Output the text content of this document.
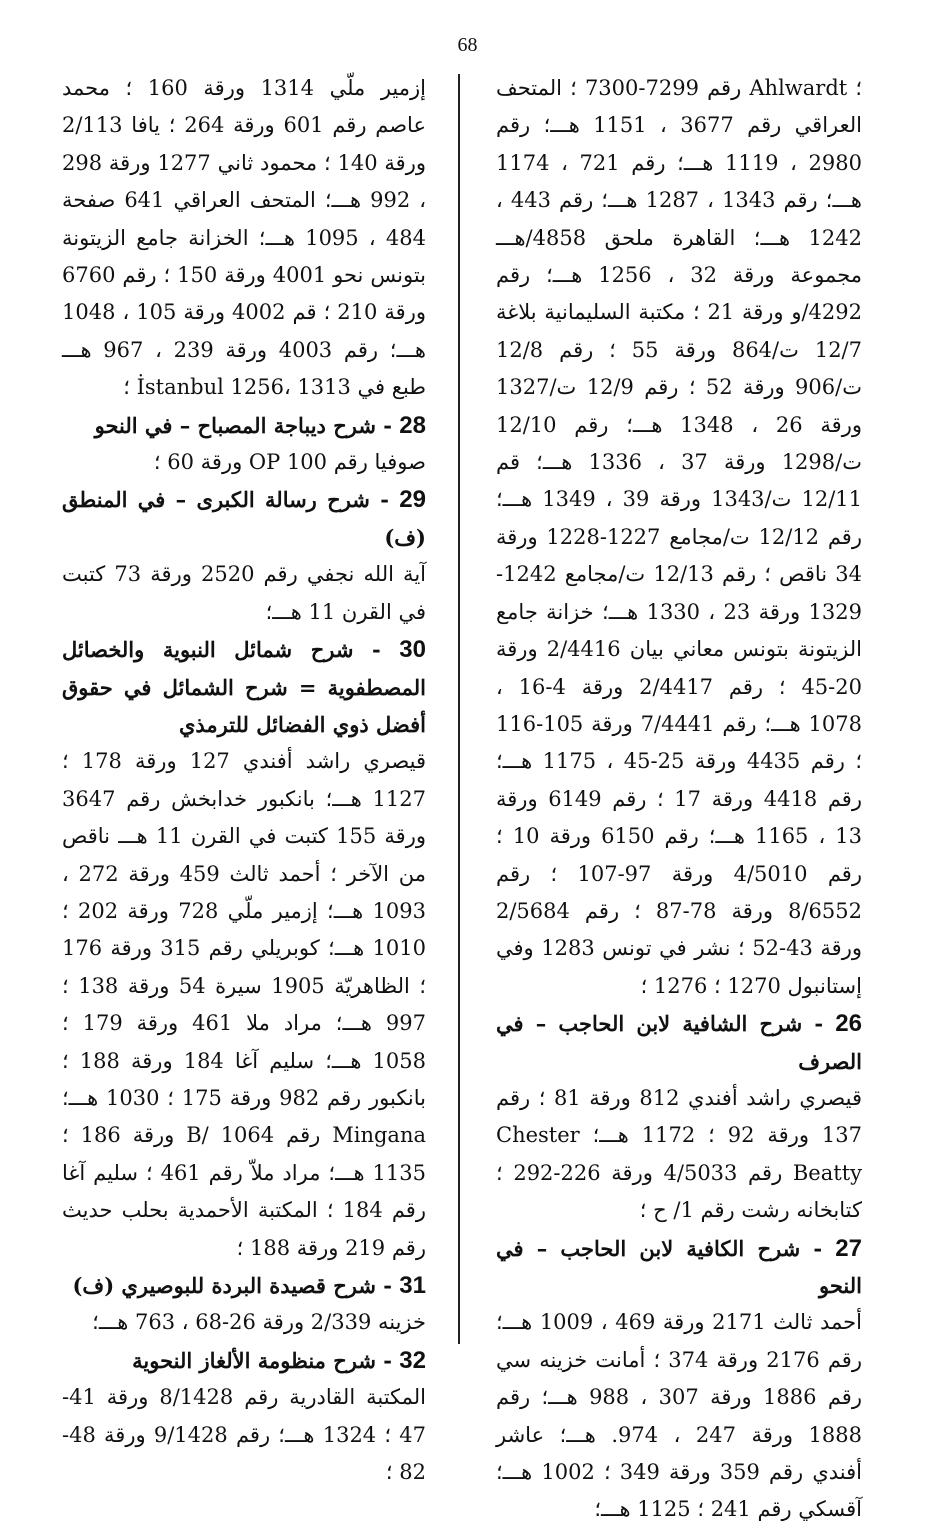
68

؛ Ahlwardt رقم 7299-7300 ؛ المتحف العراقي رقم 3677 ، 1151 هـــ؛ رقم 2980 ، 1119 هـــ؛ رقم 721 ، 1174 هـــ؛ رقم 1343 ، 1287 هـــ؛ رقم 443 ، 1242 هـــ؛ القاهرة ملحق 4858/هـــ مجموعة ورقة 32 ، 1256 هـــ؛ رقم 4292/و ورقة 21 ؛ مكتبة السليمانية بلاغة 12/7 ت/864 ورقة 55 ؛ رقم 12/8 ت/906 ورقة 52 ؛ رقم 12/9 ت/1327 ورقة 26 ، 1348 هـــ؛ رقم 12/10 ت/1298 ورقة 37 ، 1336 هـــ؛ قم 12/11 ت/1343 ورقة 39 ، 1349 هـــ؛ رقم 12/12 ت/مجامع 1227-1228 ورقة 34 ناقص ؛ رقم 12/13 ت/مجامع 1242-1329 ورقة 23 ، 1330 هـــ؛ خزانة جامع الزيتونة بتونس معاني بيان 2/4416 ورقة 20-45 ؛ رقم 2/4417 ورقة 4-16 ، 1078 هـــ؛ رقم 7/4441 ورقة 105-116 ؛ رقم 4435 ورقة 25-45 ، 1175 هـــ؛ رقم 4418 ورقة 17 ؛ رقم 6149 ورقة 13 ، 1165 هـــ؛ رقم 6150 ورقة 10 ؛ رقم 4/5010 ورقة 97-107 ؛ رقم 8/6552 ورقة 78-87 ؛ رقم 2/5684 ورقة 43-52 ؛ نشر في تونس 1283 وفي إستانبول 1270 ؛ 1276 ؛

26 - شرح الشافية لابن الحاجب – في الصرف

قيصري راشد أفندي 812 ورقة 81 ؛ رقم 137 ورقة 92 ؛ 1172 هـــ؛ Chester Beatty رقم 4/5033 ورقة 226-292 ؛ كتابخانه رشت رقم 1/ ح ؛

27 - شرح الكافية لابن الحاجب – في النحو

أحمد ثالث 2171 ورقة 469 ، 1009 هـــ؛ رقم 2176 ورقة 374 ؛ أمانت خزينه سي رقم 1886 ورقة 307 ، 988 هـــ؛ رقم 1888 ورقة 247 ، 974. هـــ؛ عاشر أفندي رقم 359 ورقة 349 ؛ 1002 هـــ؛ آقسكي رقم 241 ؛ 1125 هـــ؛

إزمير ملّي 1314 ورقة 160 ؛ محمد عاصم رقم 601 ورقة 264 ؛ يافا 2/113 ورقة 140 ؛ محمود ثاني 1277 ورقة 298 ، 992 هـــ؛ المتحف العراقي 641 صفحة 484 ، 1095 هـــ؛ الخزانة جامع الزيتونة بتونس نحو 4001 ورقة 150 ؛ رقم 6760 ورقة 210 ؛ قم 4002 ورقة 105 ، 1048 هـــ؛ رقم 4003 ورقة 239 ، 967 هـــ طبع في İstanbul 1256، 1313 ؛

28 - شرح ديباجة المصباح – في النحو

صوفيا رقم OP 100 ورقة 60 ؛

29 - شرح رسالة الكبرى – في المنطق (ف)

آية الله نجفي رقم 2520 ورقة 73 كتبت في القرن 11 هـــ؛

30 - شرح شمائل النبوية والخصائل المصطفوية = شرح الشمائل في حقوق أفضل ذوي الفضائل للترمذي

قيصري راشد أفندي 127 ورقة 178 ؛ 1127 هـــ؛ بانكبور خدابخش رقم 3647 ورقة 155 كتبت في القرن 11 هـــ ناقص من الآخر ؛ أحمد ثالث 459 ورقة 272 ، 1093 هـــ؛ إزمير ملّي 728 ورقة 202 ؛ 1010 هـــ؛ كوبريلي رقم 315 ورقة 176 ؛ الظاهريّة 1905 سيرة 54 ورقة 138 ؛ 997 هـــ؛ مراد ملا 461 ورقة 179 ؛ 1058 هـــ؛ سليم آغا 184 ورقة 188 ؛ بانكبور رقم 982 ورقة 175 ؛ 1030 هـــ؛ Mingana رقم B/ 1064 ورقة 186 ؛ 1135 هـــ؛ مراد ملاّ رقم 461 ؛ سليم آغا رقم 184 ؛ المكتبة الأحمدية بحلب حديث رقم 219 ورقة 188 ؛

31 - شرح قصيدة البردة للبوصيري (ف)

خزينه 2/339 ورقة 26-68 ، 763 هـــ؛

32 - شرح منظومة الألغاز النحوية

المكتبة القادرية رقم 8/1428 ورقة 41-47 ؛ 1324 هـــ؛ رقم 9/1428 ورقة 48-82 ؛
